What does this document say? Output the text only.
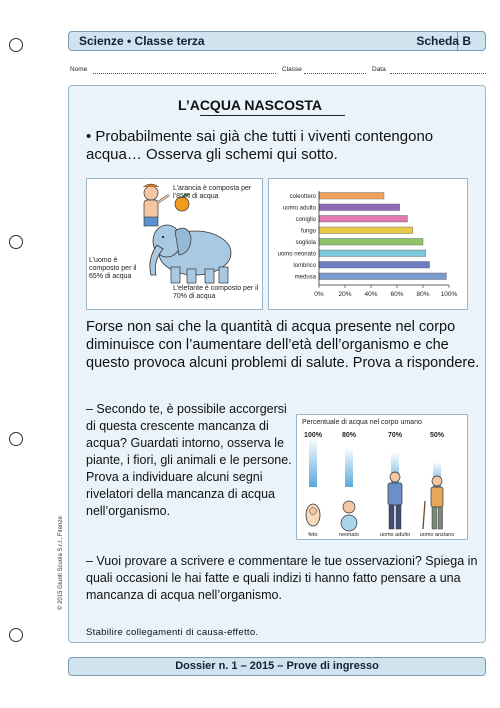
Scienze • Classe terza	Scheda B
Nome	Classe	Data
L’ACQUA NASCOSTA
• Probabilmente sai già che tutti i viventi contengono acqua… Osserva gli schemi qui sotto.
L’arancia è composta per l’85% di acqua
L’uomo è composto per il 65% di acqua
L’elefante è composto per il 70% di acqua
coleottero
uomo adulto
coniglio
fungo
sogliola
uomo neonato
lombrico
medusa
0% 20% 40% 60% 80% 100%
Forse non sai che la quantità di acqua presente nel corpo diminuisce con l’aumentare dell’età dell’organismo e che questo provoca alcuni problemi di salute. Prova a rispondere.
– Secondo te, è possibile accorgersi di questa crescente mancanza di acqua? Guardati intorno, osserva le piante, i fiori, gli animali e le persone. Prova a individuare alcuni segni rivelatori della mancanza di acqua nell’organismo.
Percentuale di acqua nel corpo umano
100%
feto
80%
neonato
70%
uomo adulto
50%
uomo anziano
– Vuoi provare a scrivere e commentare le tue osservazioni? Spiega in quali occasioni le hai fatte e quali indizi ti hanno fatto pensare a una mancanza di acqua nell’organismo.
Stabilire collegamenti di causa-effetto.
© 2015 Giunti Scuola S.r.l., Firenze
Dossier n. 1 – 2015 – Prove di ingresso
